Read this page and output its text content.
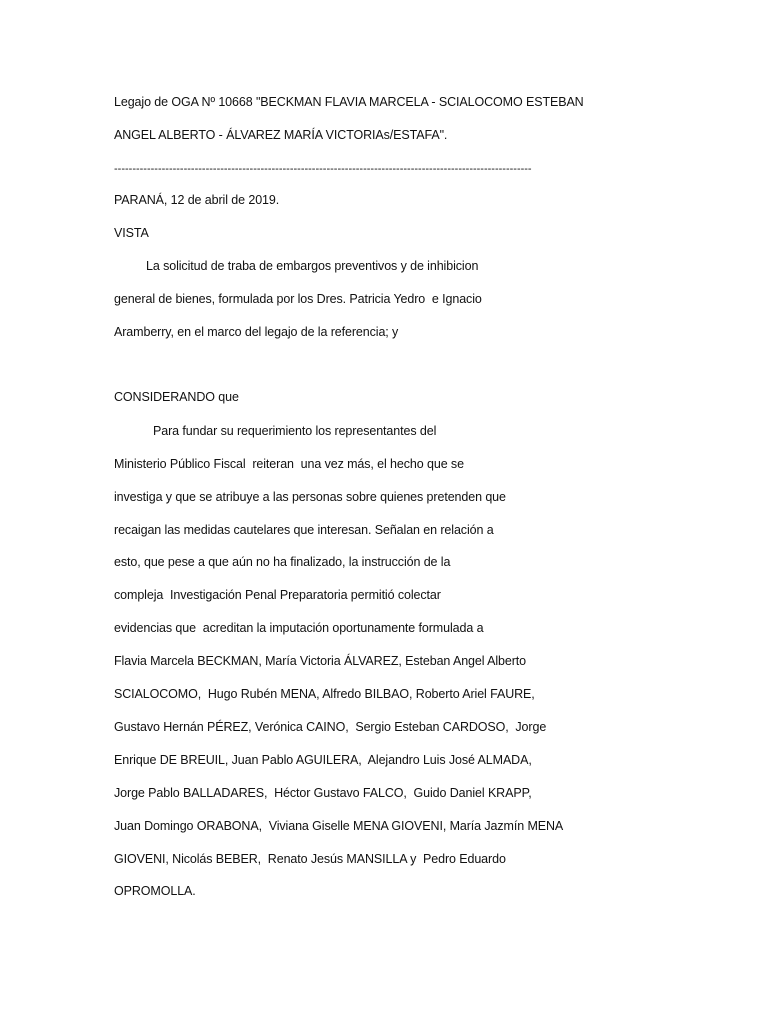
Legajo de OGA Nº 10668 "BECKMAN FLAVIA MARCELA - SCIALOCOMO ESTEBAN
ANGEL ALBERTO - ÁLVAREZ MARÍA VICTORIAs/ESTAFA".
------------------------------------------------------------------------------------------------------------------
PARANÁ, 12 de abril de 2019.
VISTA
La solicitud de traba de embargos preventivos y de inhibicion
general de bienes, formulada por los Dres. Patricia Yedro  e Ignacio
Aramberry, en el marco del legajo de la referencia; y
CONSIDERANDO que
Para fundar su requerimiento los representantes del
Ministerio Público Fiscal  reiteran  una vez más, el hecho que se
investiga y que se atribuye a las personas sobre quienes pretenden que
recaigan las medidas cautelares que interesan. Señalan en relación a
esto, que pese a que aún no ha finalizado, la instrucción de la
compleja  Investigación Penal Preparatoria permitió colectar
evidencias que  acreditan la imputación oportunamente formulada a
Flavia Marcela BECKMAN, María Victoria ÁLVAREZ, Esteban Angel Alberto
SCIALOCOMO,  Hugo Rubén MENA, Alfredo BILBAO, Roberto Ariel FAURE,
Gustavo Hernán PÉREZ, Verónica CAINO,  Sergio Esteban CARDOSO,  Jorge
Enrique DE BREUIL, Juan Pablo AGUILERA,  Alejandro Luis José ALMADA,
Jorge Pablo BALLADARES,  Héctor Gustavo FALCO,  Guido Daniel KRAPP,
Juan Domingo ORABONA,  Viviana Giselle MENA GIOVENI, María Jazmín MENA
GIOVENI, Nicolás BEBER,  Renato Jesús MANSILLA y  Pedro Eduardo
OPROMOLLA.
